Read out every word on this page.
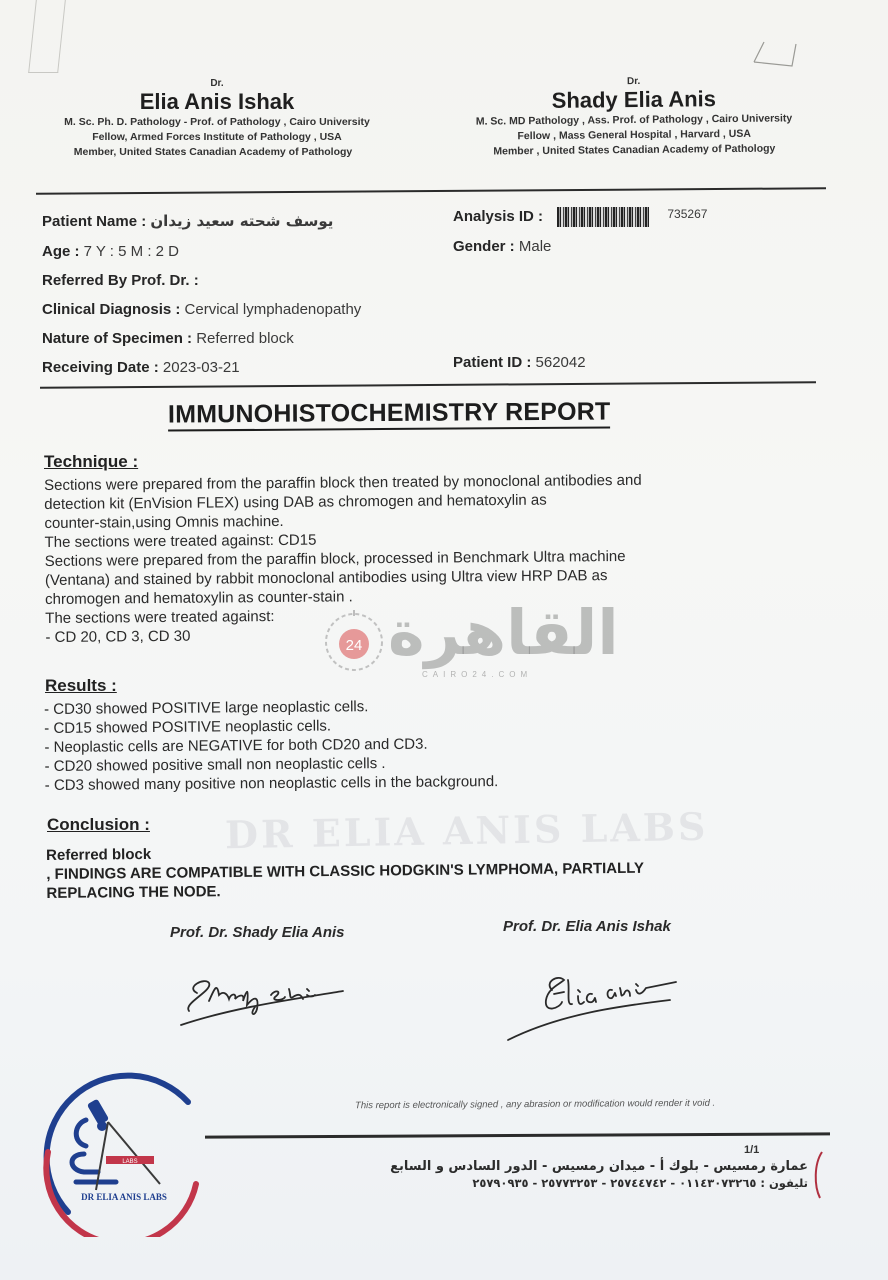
Dr.
Elia Anis Ishak
M. Sc. Ph. D. Pathology - Prof. of Pathology , Cairo University
Fellow, Armed Forces Institute of Pathology , USA
Member, United States Canadian Academy of Pathology
Dr.
Shady Elia Anis
M. Sc. MD Pathology , Ass. Prof. of Pathology , Cairo University
Fellow , Mass General Hospital , Harvard , USA
Member , United States Canadian Academy of Pathology
Patient Name : يوسف شحته سعيد زيدان
Age : 7 Y : 5 M : 2 D
Referred By Prof. Dr. :
Clinical Diagnosis : Cervical lymphadenopathy
Nature of Specimen : Referred block
Receiving Date : 2023-03-21
Analysis ID :	$^{735267}$
Gender : Male
Patient ID : 562042
IMMUNOHISTOCHEMISTRY REPORT
Technique :
Sections were prepared from the paraffin block then treated by monoclonal antibodies and
detection kit (EnVision FLEX) using DAB as chromogen and hematoxylin as
counter-stain,using Omnis machine.
The sections were treated against: CD15
Sections were prepared from the paraffin block, processed in Benchmark Ultra machine
(Ventana) and stained by rabbit monoclonal antibodies using Ultra view HRP DAB as
chromogen and hematoxylin as counter-stain .
The sections were treated against:
- CD 20, CD 3, CD 30	24 القاهرة
CAIRO24.COM
Results :
- CD30 showed POSITIVE large neoplastic cells.
- CD15 showed POSITIVE neoplastic cells.
- Neoplastic cells are NEGATIVE for both CD20 and CD3.
- CD20 showed positive small non neoplastic cells .
- CD3 showed many positive non neoplastic cells in the background.
DR ELIA ANIS LABS
Conclusion :
Referred block
, FINDINGS ARE COMPATIBLE WITH CLASSIC HODGKIN'S LYMPHOMA, PARTIALLY
REPLACING THE NODE.
Prof. Dr. Shady Elia Anis	Prof. Dr. Elia Anis Ishak
This report is electronically signed , any abrasion or modification would render it void .
1/1
عمارة رمسيس - بلوك أ - ميدان رمسيس - الدور السادس و السابع
تليفون : ٠١١٤٣٠٧٣٢٦٥ - ٢٥٧٤٤٧٤٢ - ٢٥٧٧٣٢٥٣ - ٢٥٧٩٠٩٣٥
LABS
DR ELIA ANIS LABS
